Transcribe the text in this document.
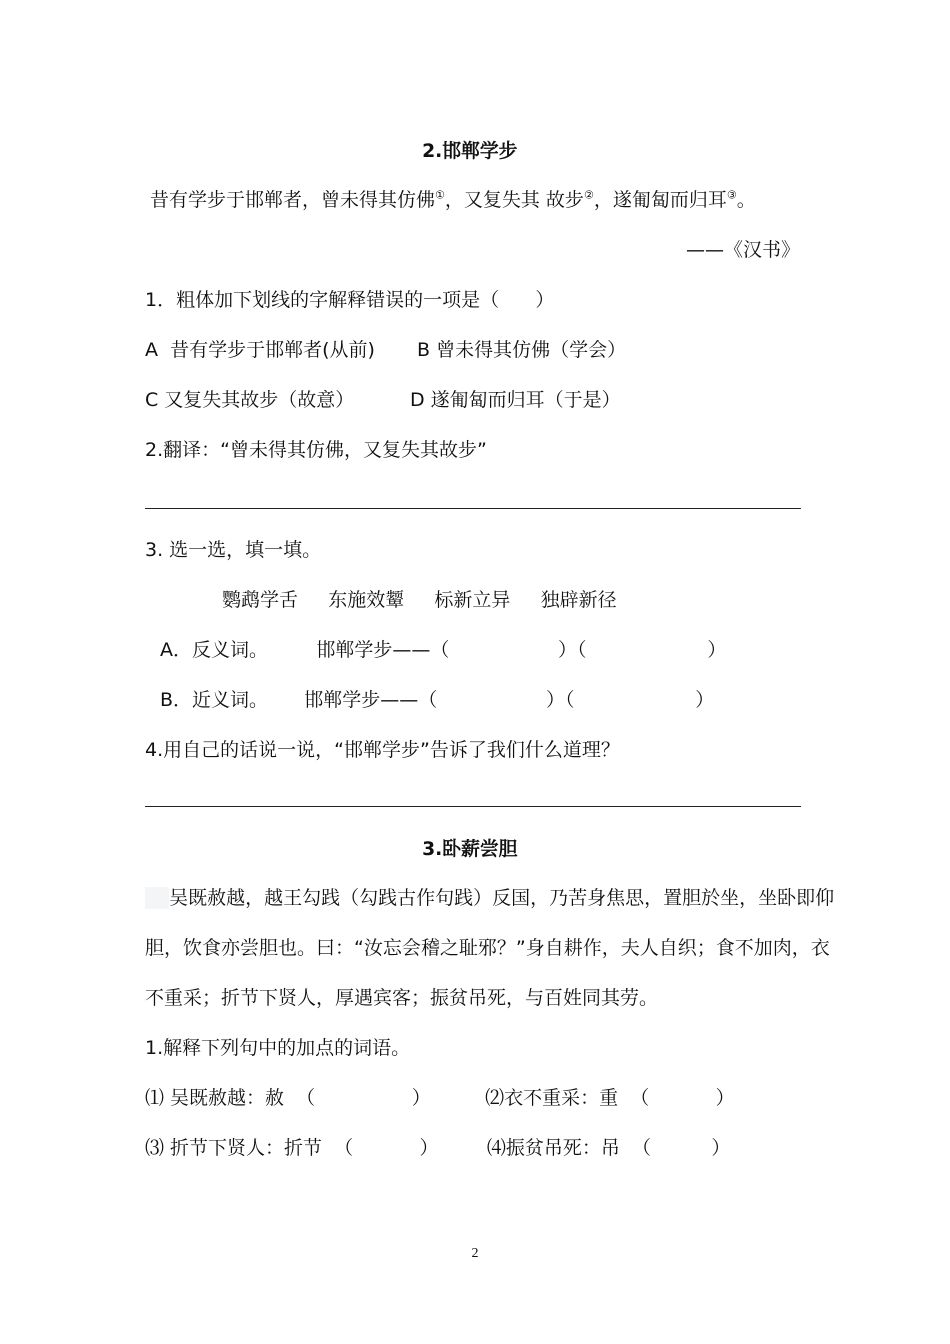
2.邯郸学步
昔有学步于邯郸者，曾未得其仿佛①，又复失其 故步②，遂匍匐而归耳③。
——《汉书》
1．粗体加下划线的字解释错误的一项是（      ）
A  昔有学步于邯郸者(从前) B 曾未得其仿佛（学会）
C 又复失其故步（故意）	D 遂匍匐而归耳（于是）
2.翻译：“曾未得其仿佛，又复失其故步”
3. 选一选，填一填。
鹦鹉学舌     东施效颦     标新立异     独辟新径
A．反义词。        邯郸学步——（                  ）（                    ）
B．近义词。      邯郸学步——（                  ）（                    ）
4.用自己的话说一说，“邯郸学步”告诉了我们什么道理？
3.卧薪尝胆
吴既赦越，越王勾践（勾践古作句践）反国，乃苦身焦思，置胆於坐，坐卧即仰
胆，饮食亦尝胆也。曰：“汝忘会稽之耻邪？”身自耕作，夫人自织；食不加肉，衣
不重采；折节下贤人，厚遇宾客；振贫吊死，与百姓同其劳。
1.解释下列句中的加点的词语。
⑴ 吴既赦越：赦  （                ）         ⑵衣不重采：重  （           ）
⑶ 折节下贤人：折节  （           ）        ⑷振贫吊死：吊  （          ）
2
